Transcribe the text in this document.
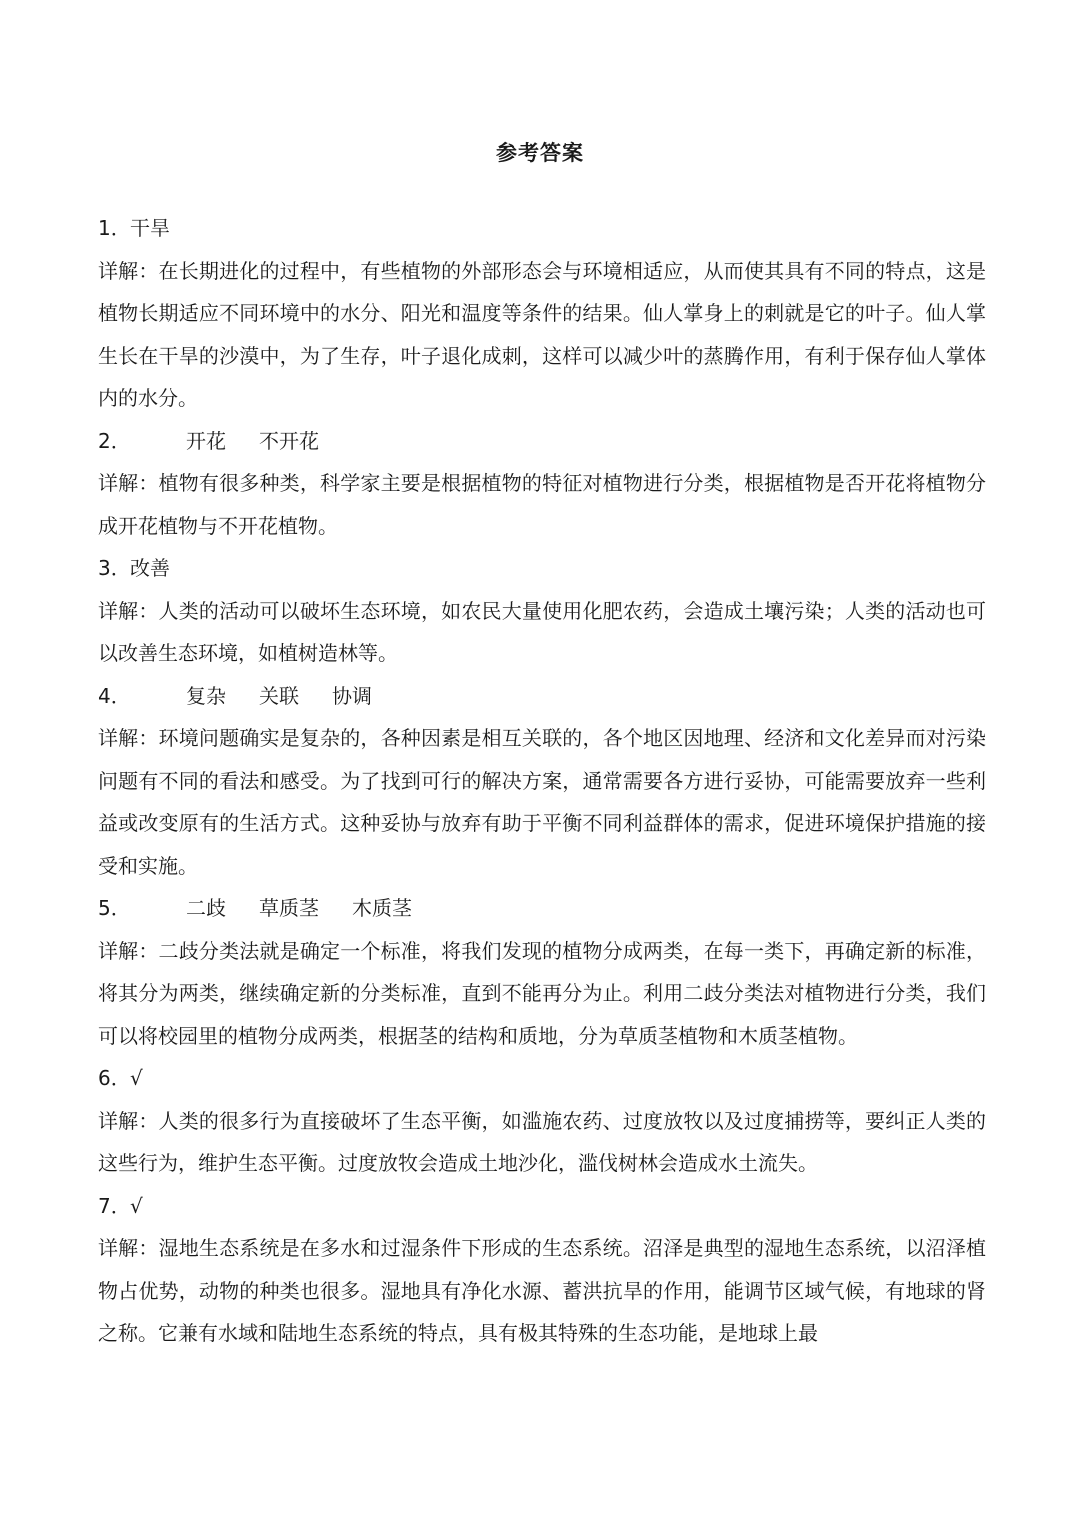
参考答案
1． 干旱

详解：在长期进化的过程中，有些植物的外部形态会与环境相适应，从而使其具有不同的特点，这是植物长期适应不同环境中的水分、阳光和温度等条件的结果。仙人掌身上的刺就是它的叶子。仙人掌生长在干旱的沙漠中，为了生存，叶子退化成刺，这样可以减少叶的蒸腾作用，有利于保存仙人掌体内的水分。

2．	开花 不开花

详解：植物有很多种类，科学家主要是根据植物的特征对植物进行分类，根据植物是否开花将植物分成开花植物与不开花植物。

3． 改善

详解：人类的活动可以破坏生态环境，如农民大量使用化肥农药，会造成土壤污染；人类的活动也可以改善生态环境，如植树造林等。

4．	复杂 关联 协调

详解：环境问题确实是复杂的，各种因素是相互关联的，各个地区因地理、经济和文化差异而对污染问题有不同的看法和感受。为了找到可行的解决方案，通常需要各方进行妥协，可能需要放弃一些利益或改变原有的生活方式。这种妥协与放弃有助于平衡不同利益群体的需求，促进环境保护措施的接受和实施。

5．	二歧 草质茎 木质茎

详解：二歧分类法就是确定一个标准，将我们发现的植物分成两类，在每一类下，再确定新的标准，将其分为两类，继续确定新的分类标准，直到不能再分为止。利用二歧分类法对植物进行分类，我们可以将校园里的植物分成两类，根据茎的结构和质地，分为草质茎植物和木质茎植物。

6． √

详解：人类的很多行为直接破坏了生态平衡，如滥施农药、过度放牧以及过度捕捞等，要纠正人类的这些行为，维护生态平衡。过度放牧会造成土地沙化，滥伐树林会造成水土流失。

7． √

详解：湿地生态系统是在多水和过湿条件下形成的生态系统。沼泽是典型的湿地生态系统，以沼泽植物占优势，动物的种类也很多。湿地具有净化水源、蓄洪抗旱的作用，能调节区域气候，有地球的肾之称。它兼有水域和陆地生态系统的特点，具有极其特殊的生态功能，是地球上最
